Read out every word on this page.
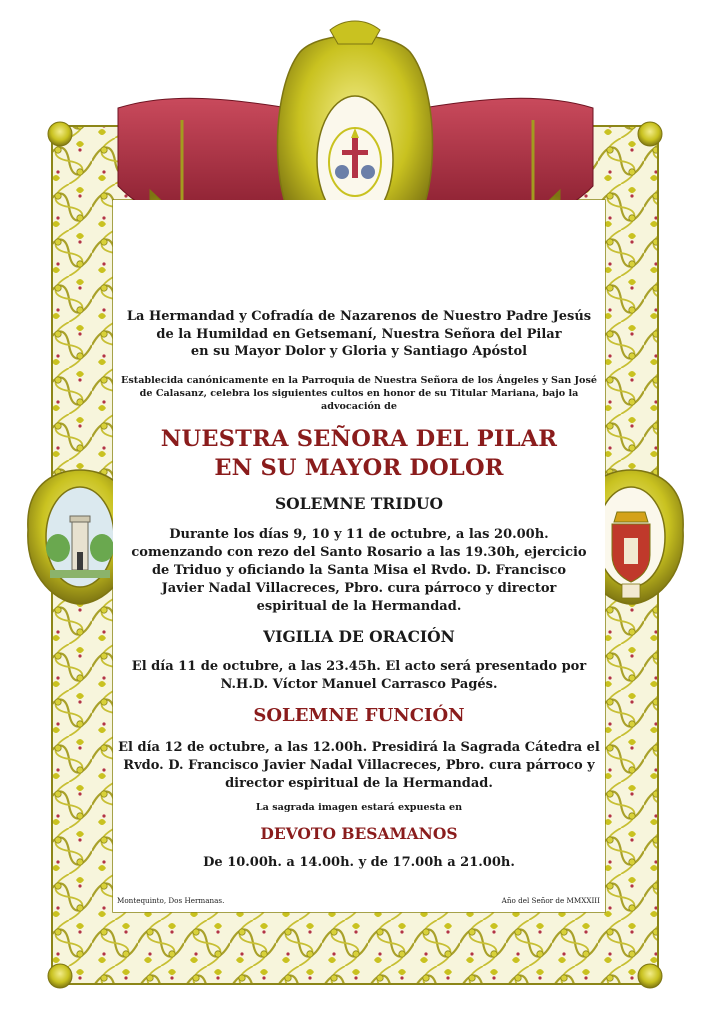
La Hermandad y Cofradía de Nazarenos de Nuestro Padre Jesús
de la Humildad en Getsemaní, Nuestra Señora del Pilar
en su Mayor Dolor y Gloria y Santiago Apóstol

Establecida canónicamente en la Parroquia de Nuestra Señora de los Ángeles y San José
de Calasanz, celebra los siguientes cultos en honor de su Titular Mariana, bajo la
advocación de

NUESTRA SEÑORA DEL PILAR
EN SU MAYOR DOLOR
SOLEMNE TRIDUO

Durante los días 9, 10 y 11 de octubre, a las 20.00h.
comenzando con rezo del Santo Rosario a las 19.30h, ejercicio
de Triduo y oficiando la Santa Misa el Rvdo. D. Francisco
Javier Nadal Villacreces, Pbro. cura párroco y director
espiritual de la Hermandad.

VIGILIA DE ORACIÓN

El día 11 de octubre, a las 23.45h. El acto será presentado por
N.H.D. Víctor Manuel Carrasco Pagés.

SOLEMNE FUNCIÓN

El día 12 de octubre, a las 12.00h. Presidirá la Sagrada Cátedra el
Rvdo. D. Francisco Javier Nadal Villacreces, Pbro. cura párroco y
director espiritual de la Hermandad.

La sagrada imagen estará expuesta en

DEVOTO BESAMANOS

De 10.00h. a 14.00h. y de 17.00h a 21.00h.

Montequinto, Dos Hermanas.	Año del Señor de MMXXIII
